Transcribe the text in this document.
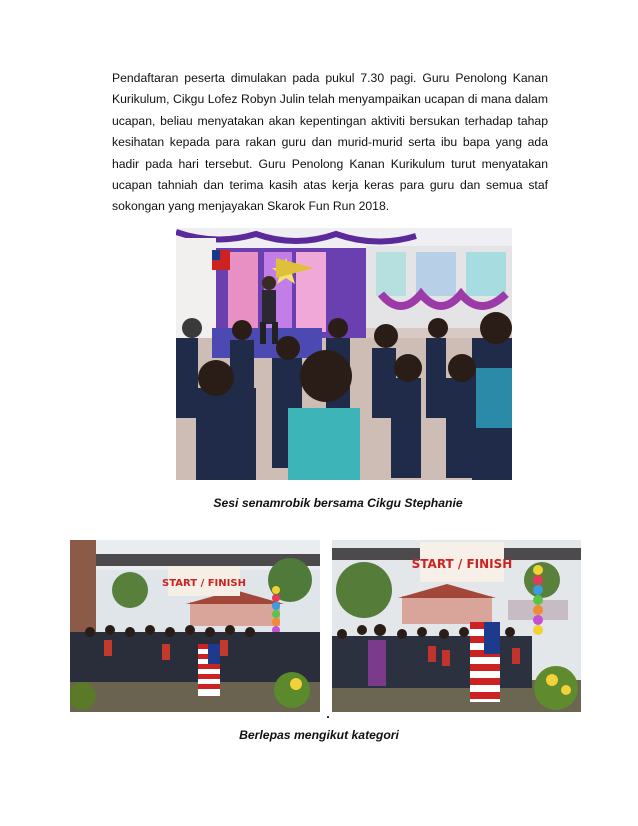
Pendaftaran peserta dimulakan pada pukul 7.30 pagi. Guru Penolong Kanan Kurikulum, Cikgu Lofez Robyn Julin telah menyampaikan ucapan di mana dalam ucapan, beliau menyatakan akan kepentingan aktiviti bersukan terhadap tahap kesihatan kepada para rakan guru dan murid-murid serta ibu bapa yang ada hadir pada hari tersebut. Guru Penolong Kanan Kurikulum turut menyatakan ucapan tahniah dan terima kasih atas kerja keras para guru dan semua staf sokongan yang menjayakan Skarok Fun Run 2018.

Sesi senamrobik bersama Cikgu Stephanie
START / FINISH
START / FINISH
Berlepas mengikut kategori
